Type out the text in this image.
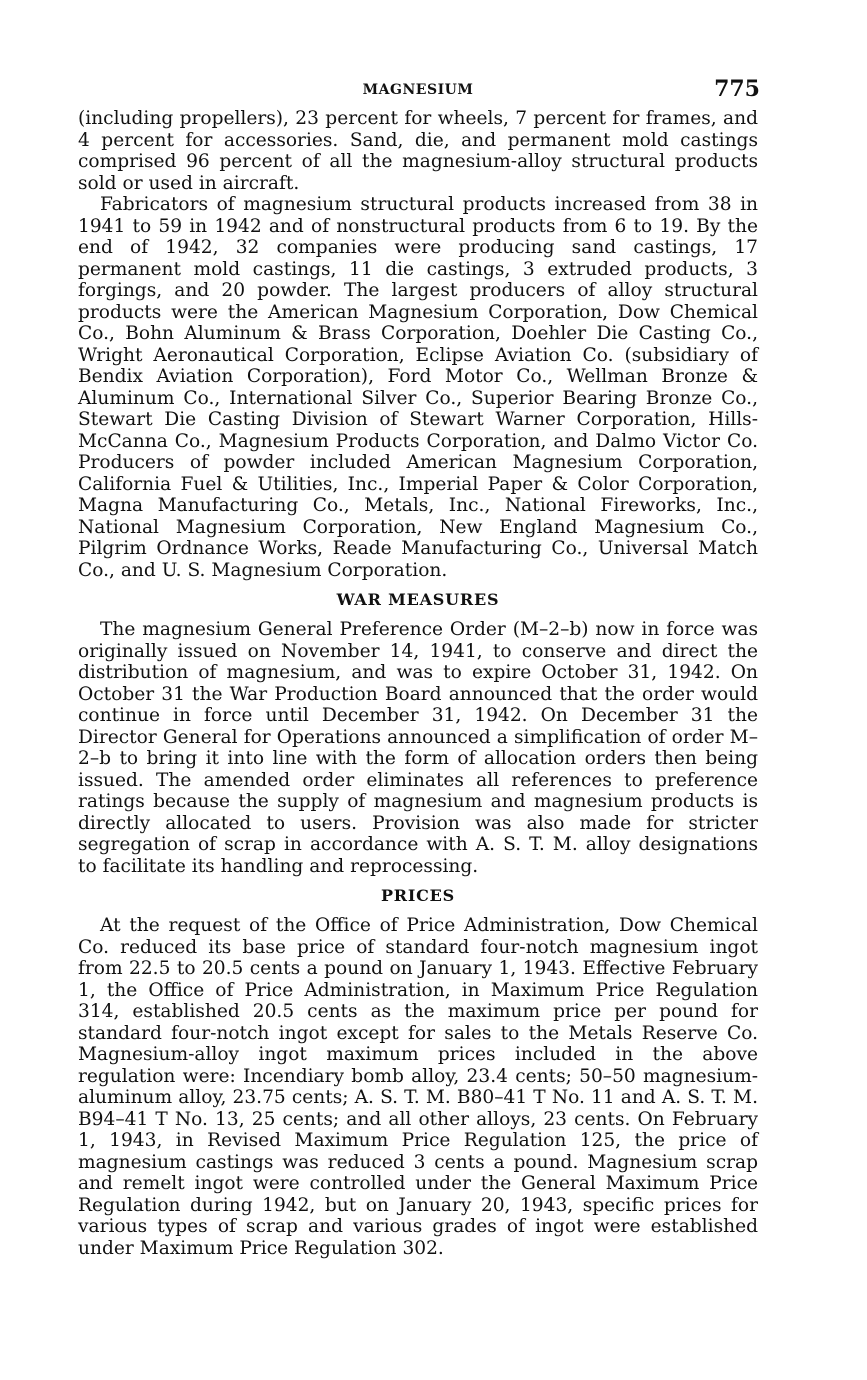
MAGNESIUM	775

(including propellers), 23 percent for wheels, 7 percent for frames, and 4 percent for accessories. Sand, die, and permanent mold castings comprised 96 percent of all the magnesium-alloy structural products sold or used in aircraft.

Fabricators of magnesium structural products increased from 38 in 1941 to 59 in 1942 and of nonstructural products from 6 to 19. By the end of 1942, 32 companies were producing sand castings, 17 permanent mold castings, 11 die castings, 3 extruded products, 3 forgings, and 20 powder. The largest producers of alloy structural products were the American Magnesium Corporation, Dow Chemical Co., Bohn Aluminum & Brass Corporation, Doehler Die Casting Co., Wright Aeronautical Corporation, Eclipse Aviation Co. (subsidiary of Bendix Aviation Corporation), Ford Motor Co., Wellman Bronze & Aluminum Co., International Silver Co., Superior Bearing Bronze Co., Stewart Die Casting Division of Stewart Warner Corporation, Hills-McCanna Co., Magnesium Products Corporation, and Dalmo Victor Co. Producers of powder included American Magnesium Corporation, California Fuel & Utilities, Inc., Imperial Paper & Color Corporation, Magna Manufacturing Co., Metals, Inc., National Fireworks, Inc., National Magnesium Corporation, New England Magnesium Co., Pilgrim Ordnance Works, Reade Manufacturing Co., Universal Match Co., and U. S. Magnesium Corporation.

WAR MEASURES

The magnesium General Preference Order (M–2–b) now in force was originally issued on November 14, 1941, to conserve and direct the distribution of magnesium, and was to expire October 31, 1942. On October 31 the War Production Board announced that the order would continue in force until December 31, 1942. On December 31 the Director General for Operations announced a simplification of order M–2–b to bring it into line with the form of allocation orders then being issued. The amended order eliminates all references to preference ratings because the supply of magnesium and magnesium products is directly allocated to users. Provision was also made for stricter segregation of scrap in accordance with A. S. T. M. alloy designations to facilitate its handling and reprocessing.

PRICES

At the request of the Office of Price Administration, Dow Chemical Co. reduced its base price of standard four-notch magnesium ingot from 22.5 to 20.5 cents a pound on January 1, 1943. Effective February 1, the Office of Price Administration, in Maximum Price Regulation 314, established 20.5 cents as the maximum price per pound for standard four-notch ingot except for sales to the Metals Reserve Co. Magnesium-alloy ingot maximum prices included in the above regulation were: Incendiary bomb alloy, 23.4 cents; 50–50 magnesium-aluminum alloy, 23.75 cents; A. S. T. M. B80–41 T No. 11 and A. S. T. M. B94–41 T No. 13, 25 cents; and all other alloys, 23 cents. On February 1, 1943, in Revised Maximum Price Regulation 125, the price of magnesium castings was reduced 3 cents a pound. Magnesium scrap and remelt ingot were controlled under the General Maximum Price Regulation during 1942, but on January 20, 1943, specific prices for various types of scrap and various grades of ingot were established under Maximum Price Regulation 302.
